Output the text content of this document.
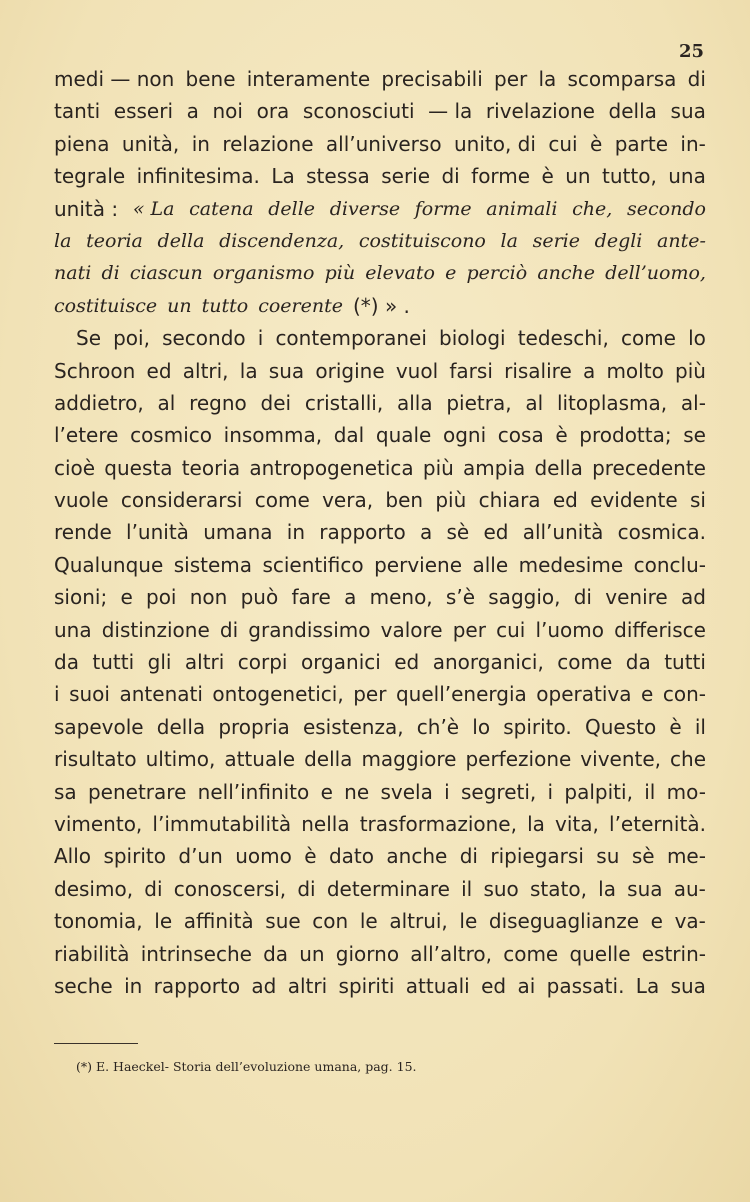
25
medi — non bene interamente precisabili per la scomparsa di
tanti esseri a noi ora sconosciuti — la rivelazione della sua
piena unità, in relazione all’universo unito, di cui è parte in-
tegrale infinitesima. La stessa serie di forme è un tutto, una
unità : « La catena delle diverse forme animali che, secondo
la teoria della discendenza, costituiscono la serie degli ante-
nati di ciascun organismo più elevato e perciò anche dell’uomo,
costituisce un tutto coerente (*) » .
Se poi, secondo i contemporanei biologi tedeschi, come lo
Schroon ed altri, la sua origine vuol farsi risalire a molto più
addietro, al regno dei cristalli, alla pietra, al litoplasma, al-
l’etere cosmico insomma, dal quale ogni cosa è prodotta; se
cioè questa teoria antropogenetica più ampia della precedente
vuole considerarsi come vera, ben più chiara ed evidente si
rende l’unità umana in rapporto a sè ed all’unità cosmica.
Qualunque sistema scientifico perviene alle medesime conclu-
sioni; e poi non può fare a meno, s’è saggio, di venire ad
una distinzione di grandissimo valore per cui l’uomo differisce
da tutti gli altri corpi organici ed anorganici, come da tutti
i suoi antenati ontogenetici, per quell’energia operativa e con-
sapevole della propria esistenza, ch’è lo spirito. Questo è il
risultato ultimo, attuale della maggiore perfezione vivente, che
sa penetrare nell’infinito e ne svela i segreti, i palpiti, il mo-
vimento, l’immutabilità nella trasformazione, la vita, l’eternità.
Allo spirito d’un uomo è dato anche di ripiegarsi su sè me-
desimo, di conoscersi, di determinare il suo stato, la sua au-
tonomia, le affinità sue con le altrui, le diseguaglianze e va-
riabilità intrinseche da un giorno all’altro, come quelle estrin-
seche in rapporto ad altri spiriti attuali ed ai passati. La sua
(*) E. Haeckel- Storia dell’evoluzione umana, pag. 15.
